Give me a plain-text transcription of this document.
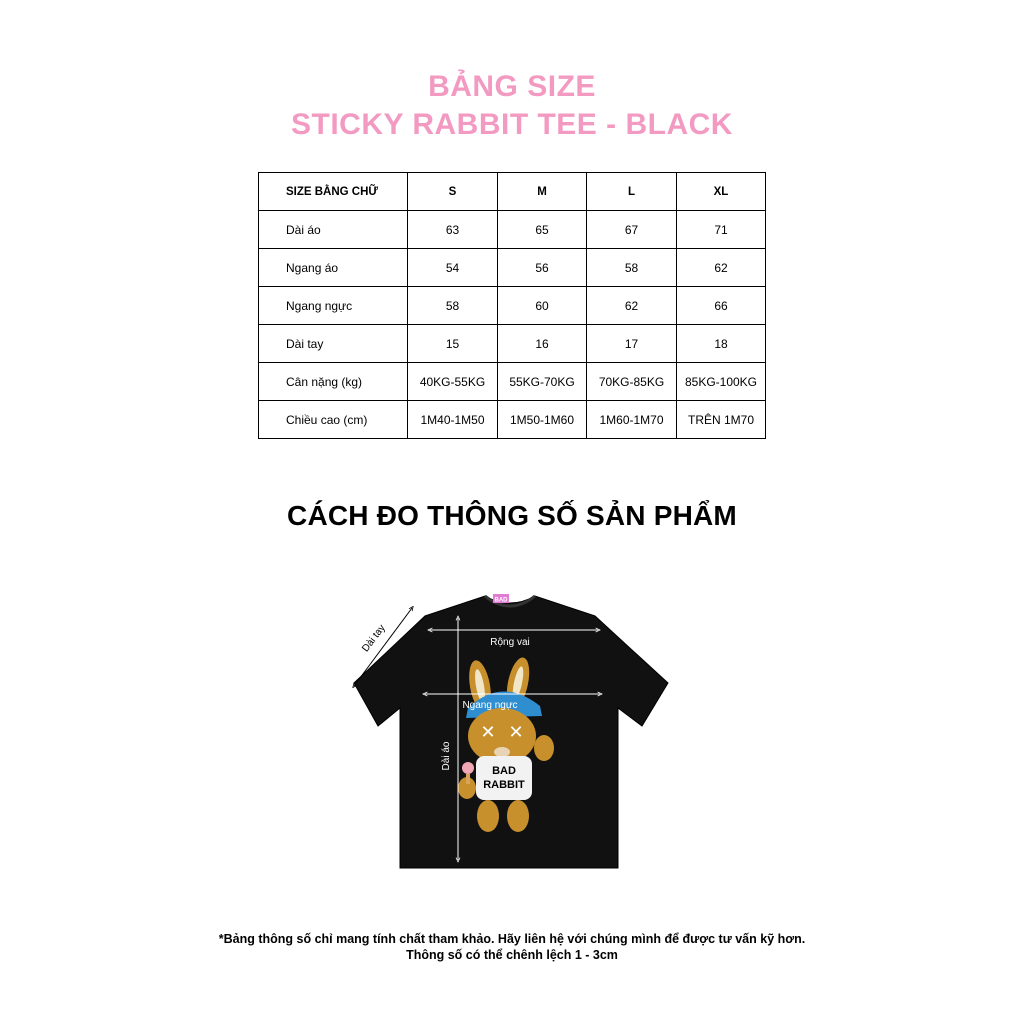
BẢNG SIZE
STICKY RABBIT TEE - BLACK
SIZE BẰNG CHỮ	S	M	L	XL
Dài áo	63	65	67	71
Ngang áo	54	56	58	62
Ngang ngực	58	60	62	66
Dài tay	15	16	17	18
Cân nặng (kg)	40KG-55KG	55KG-70KG	70KG-85KG	85KG-100KG
Chiều cao (cm)	1M40-1M50	1M50-1M60	1M60-1M70	TRÊN 1M70
CÁCH ĐO THÔNG SỐ SẢN PHẨM
BAD
✕ ✕
BAD
RABBIT
Rộng vai
Ngang ngực
Dài áo
Dài tay
*Bảng thông số chỉ mang tính chất tham khảo. Hãy liên hệ với chúng mình để được tư vấn kỹ hơn.
Thông số có thể chênh lệch 1 - 3cm
